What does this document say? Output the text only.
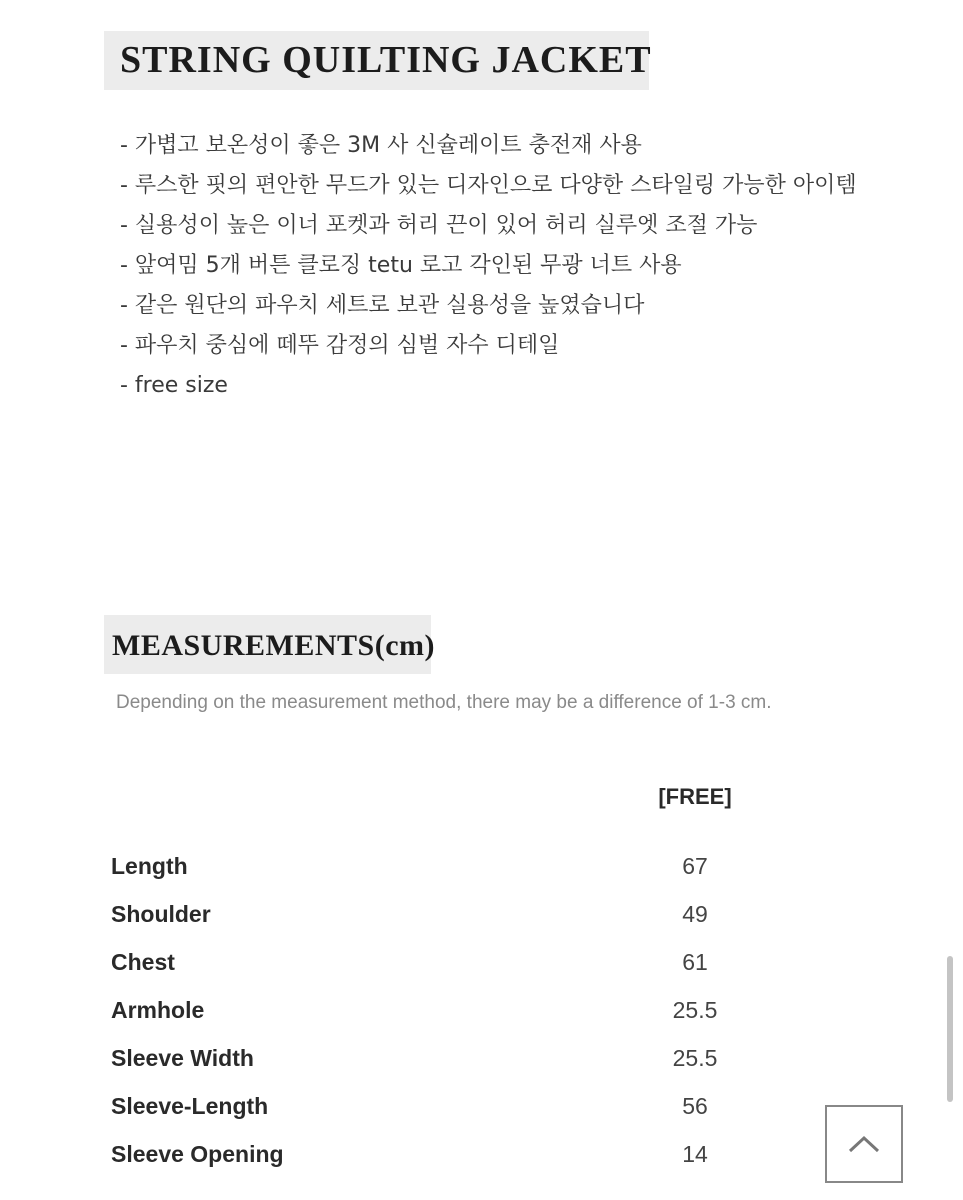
STRING QUILTING JACKET
- 가볍고 보온성이 좋은 3M 사 신슐레이트 충전재 사용
- 루스한 핏의 편안한 무드가 있는 디자인으로 다양한 스타일링 가능한 아이템
- 실용성이 높은 이너 포켓과 허리 끈이 있어 허리 실루엣 조절 가능
- 앞여밈 5개 버튼 클로징 tetu 로고 각인된 무광 너트 사용
- 같은 원단의 파우치 세트로 보관 실용성을 높였습니다
- 파우치 중심에 떼뚜 감정의 심벌 자수 디테일
- free size
MEASUREMENTS(cm)
Depending on the measurement method, there may be a difference of 1-3 cm.
[FREE]
Length	67
Shoulder	49
Chest	61
Armhole	25.5
Sleeve Width	25.5
Sleeve-Length	56
Sleeve Opening	14
